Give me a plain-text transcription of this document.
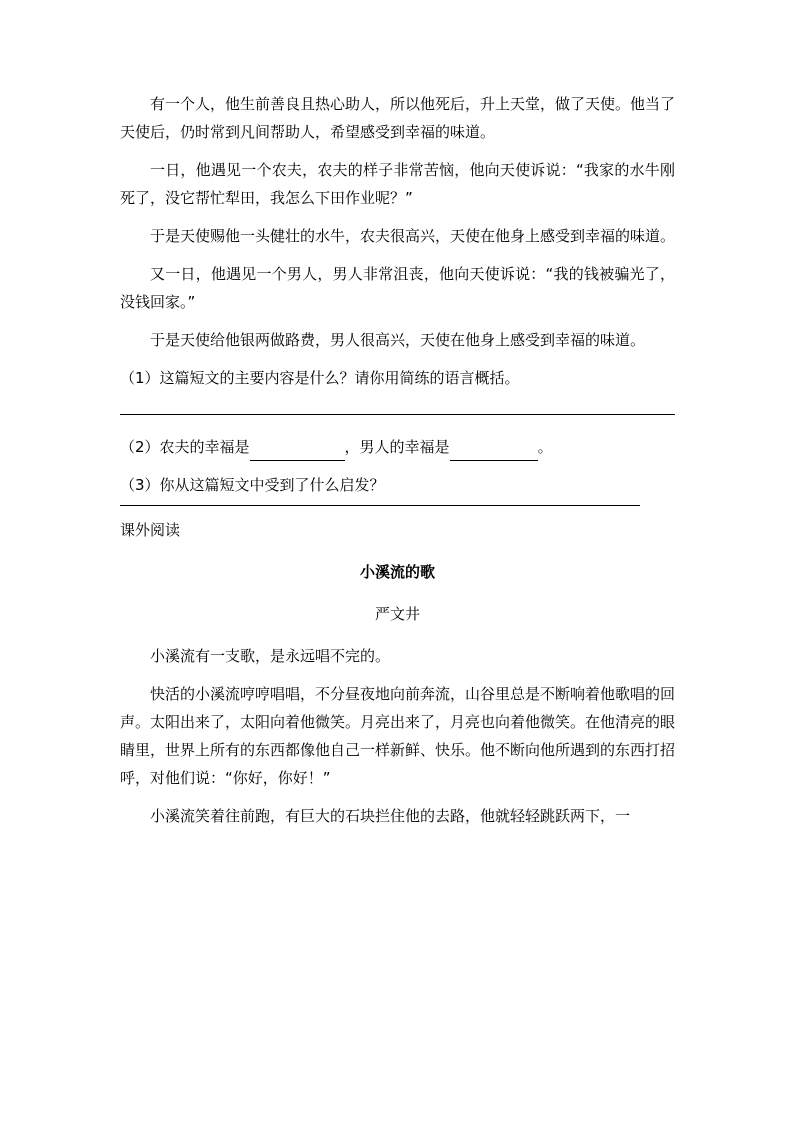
有一个人，他生前善良且热心助人，所以他死后，升上天堂，做了天使。他当了天使后，仍时常到凡间帮助人，希望感受到幸福的味道。

一日，他遇见一个农夫，农夫的样子非常苦恼，他向天使诉说：“我家的水牛刚死了，没它帮忙犁田，我怎么下田作业呢？”

于是天使赐他一头健壮的水牛，农夫很高兴，天使在他身上感受到幸福的味道。

又一日，他遇见一个男人，男人非常沮丧，他向天使诉说：“我的钱被骗光了，没钱回家。”

于是天使给他银两做路费，男人很高兴，天使在他身上感受到幸福的味道。

（1）这篇短文的主要内容是什么？请你用简练的语言概括。

（2）农夫的幸福是	，男人的幸福是	。

（3）你从这篇短文中受到了什么启发？

课外阅读

小溪流的歌

严文井

小溪流有一支歌，是永远唱不完的。

快活的小溪流哼哼唱唱，不分昼夜地向前奔流，山谷里总是不断响着他歌唱的回声。太阳出来了，太阳向着他微笑。月亮出来了，月亮也向着他微笑。在他清亮的眼睛里，世界上所有的东西都像他自己一样新鲜、快乐。他不断向他所遇到的东西打招呼，对他们说：“你好，你好！”

小溪流笑着往前跑，有巨大的石块拦住他的去路，他就轻轻跳跃两下，一
